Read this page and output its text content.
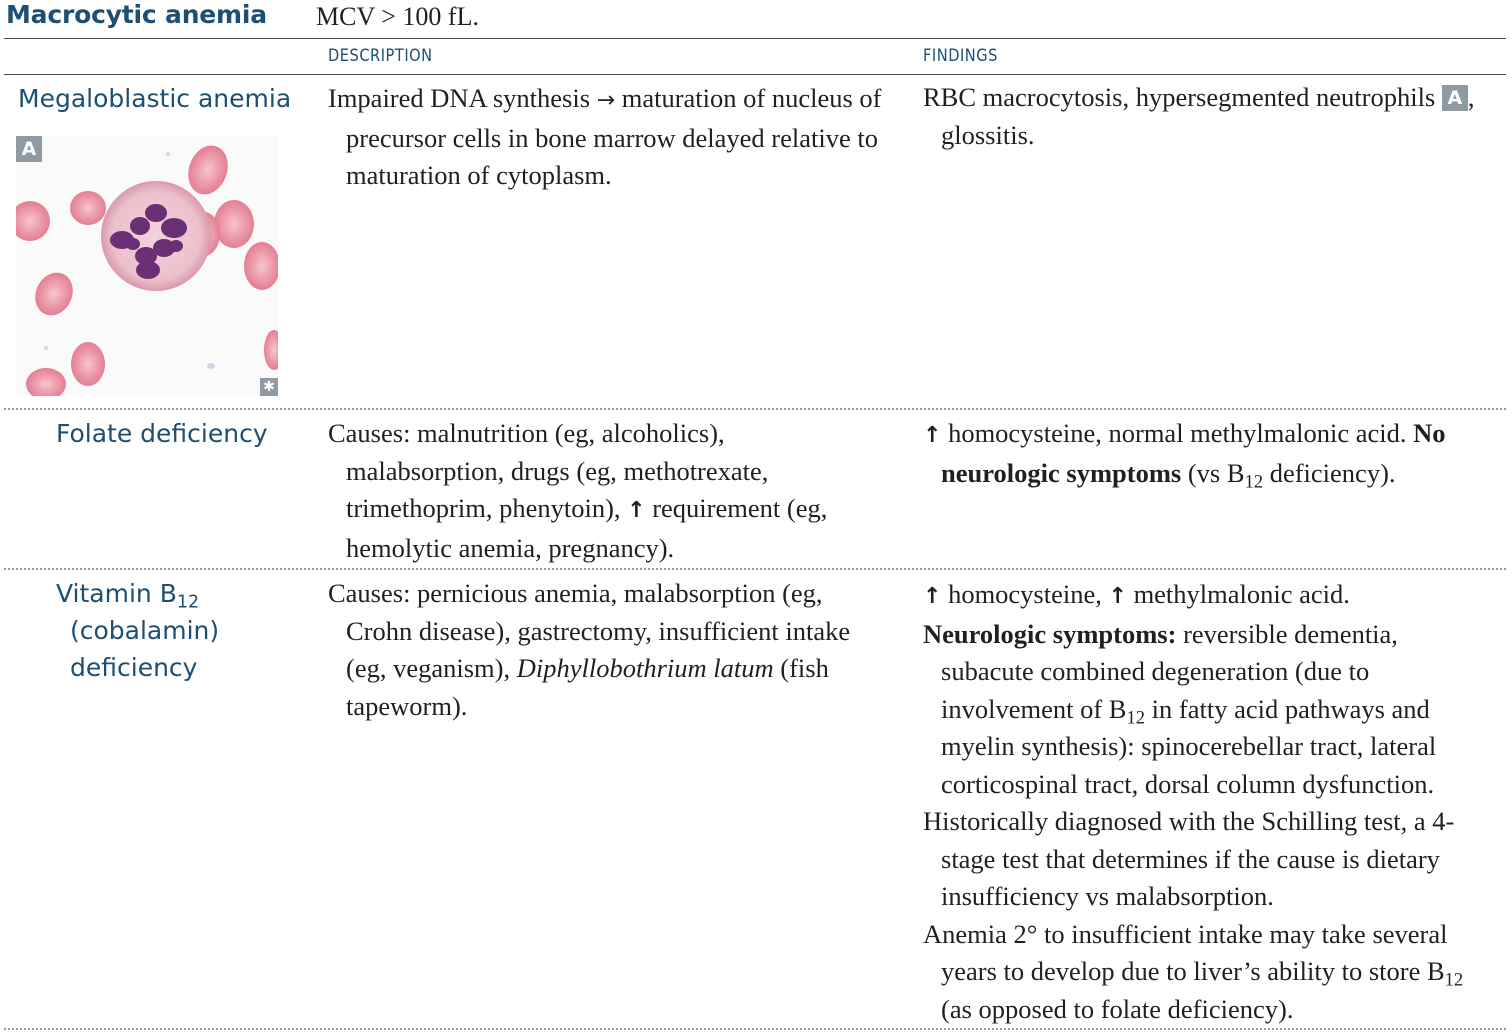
Macrocytic anemia MCV > 100 fL.
DESCRIPTION	FINDINGS
Megaloblastic anemia
A
✱

Impaired DNA synthesis → maturation of nucleus of precursor cells in bone marrow delayed relative to maturation of cytoplasm.

RBC macrocytosis, hypersegmented neutrophils A , glossitis.

Folate deficiency Causes: malnutrition (eg, alcoholics), malabsorption, drugs (eg, methotrexate, trimethoprim, phenytoin), ↑ requirement (eg, hemolytic anemia, pregnancy).

↑ homocysteine, normal methylmalonic acid. No neurologic symptoms (vs $B_{12}$ deficiency).

Vitamin $B_{12}$
(cobalamin)
deficiency

Causes: pernicious anemia, malabsorption (eg, Crohn disease), gastrectomy, insufficient intake (eg, veganism), Diphyllobothrium latum (fish tapeworm).

↑ homocysteine, ↑ methylmalonic acid.

Neurologic symptoms: reversible dementia, subacute combined degeneration (due to involvement of $B_{12}$ in fatty acid pathways and myelin synthesis): spinocerebellar tract, lateral corticospinal tract, dorsal column dysfunction.

Historically diagnosed with the Schilling test, a 4-stage test that determines if the cause is dietary insufficiency vs malabsorption.

Anemia 2° to insufficient intake may take several years to develop due to liver’s ability to store $B_{12}$ (as opposed to folate deficiency).
